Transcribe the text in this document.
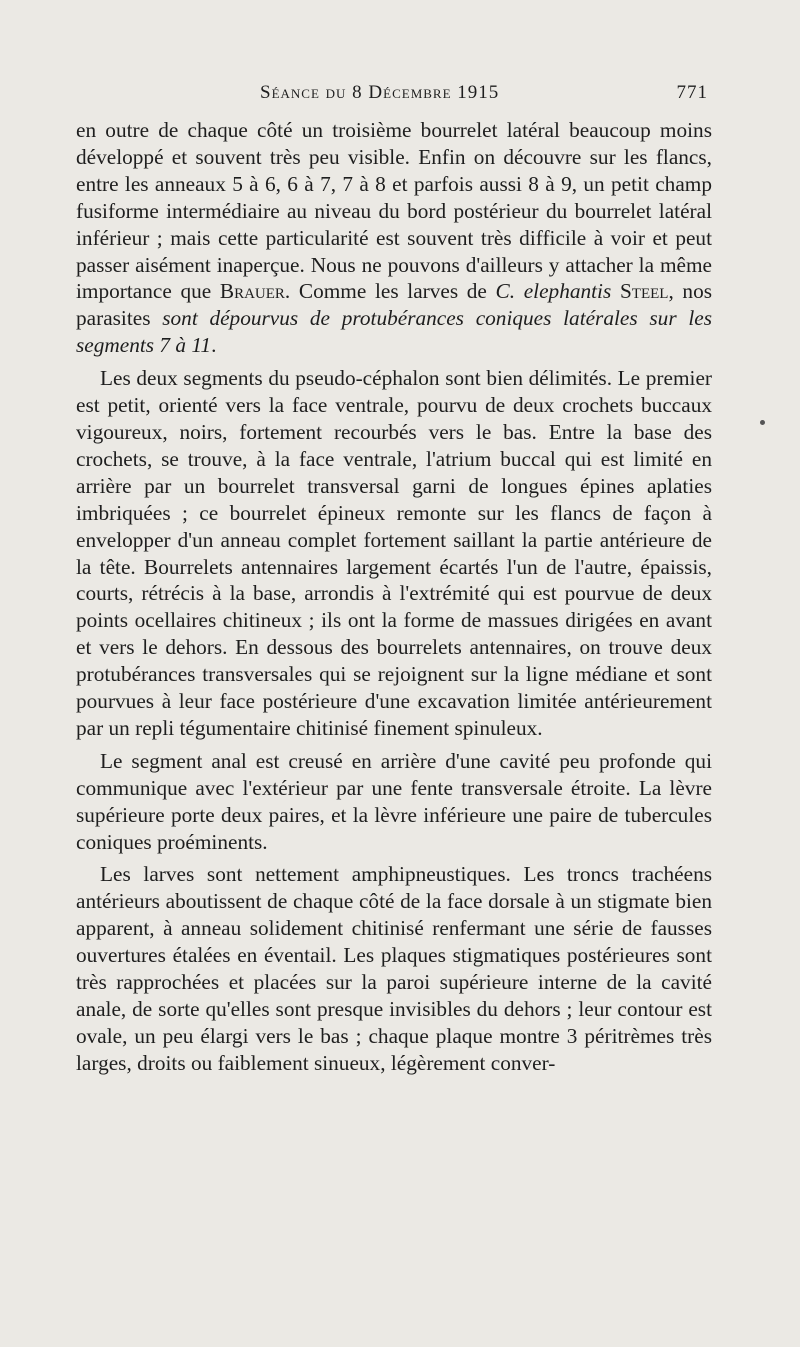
Séance du 8 Décembre 1915	771

en outre de chaque côté un troisième bourrelet latéral beaucoup moins développé et souvent très peu visible. Enfin on découvre sur les flancs, entre les anneaux 5 à 6, 6 à 7, 7 à 8 et parfois aussi 8 à 9, un petit champ fusiforme intermédiaire au niveau du bord postérieur du bourrelet latéral inférieur ; mais cette particularité est souvent très difficile à voir et peut passer aisément inaperçue. Nous ne pouvons d'ailleurs y attacher la même importance que Brauer. Comme les larves de C. elephantis Steel, nos parasites sont dépourvus de protubérances coniques latérales sur les segments 7 à 11.

Les deux segments du pseudo-céphalon sont bien délimités. Le premier est petit, orienté vers la face ventrale, pourvu de deux crochets buccaux vigoureux, noirs, fortement recourbés vers le bas. Entre la base des crochets, se trouve, à la face ventrale, l'atrium buccal qui est limité en arrière par un bourrelet transversal garni de longues épines aplaties imbriquées ; ce bourrelet épineux remonte sur les flancs de façon à envelopper d'un anneau complet fortement saillant la partie antérieure de la tête. Bourrelets antennaires largement écartés l'un de l'autre, épaissis, courts, rétrécis à la base, arrondis à l'extrémité qui est pourvue de deux points ocellaires chitineux ; ils ont la forme de massues dirigées en avant et vers le dehors. En dessous des bourrelets antennaires, on trouve deux protubérances transversales qui se rejoignent sur la ligne médiane et sont pourvues à leur face postérieure d'une excavation limitée antérieurement par un repli tégumentaire chitinisé finement spinuleux.

Le segment anal est creusé en arrière d'une cavité peu profonde qui communique avec l'extérieur par une fente transversale étroite. La lèvre supérieure porte deux paires, et la lèvre inférieure une paire de tubercules coniques proéminents.

Les larves sont nettement amphipneustiques. Les troncs trachéens antérieurs aboutissent de chaque côté de la face dorsale à un stigmate bien apparent, à anneau solidement chitinisé renfermant une série de fausses ouvertures étalées en éventail. Les plaques stigmatiques postérieures sont très rapprochées et placées sur la paroi supérieure interne de la cavité anale, de sorte qu'elles sont presque invisibles du dehors ; leur contour est ovale, un peu élargi vers le bas ; chaque plaque montre 3 péritrèmes très larges, droits ou faiblement sinueux, légèrement conver-
